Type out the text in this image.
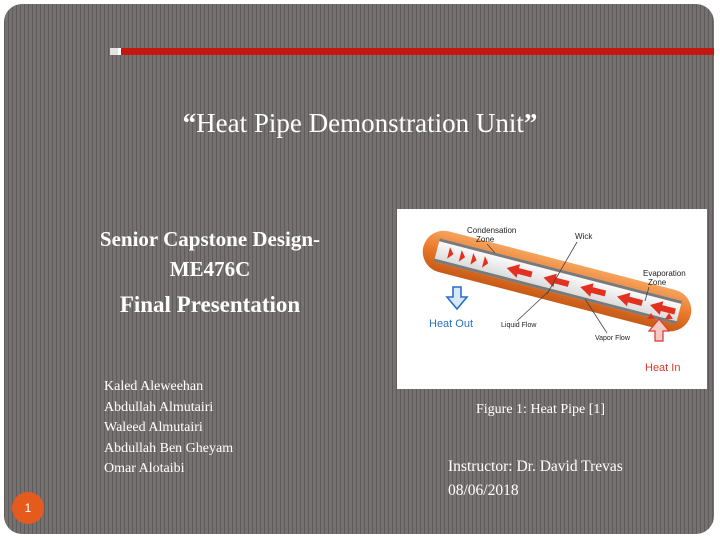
“Heat Pipe Demonstration Unit”
Senior Capstone Design-
ME476C
Final Presentation
Kaled Aleweehan
Abdullah Almutairi
Waleed Almutairi
Abdullah Ben Gheyam
Omar Alotaibi
Condensation
Zone	Wick
Evaporation
Zone
Liquid Flow
Vapor Flow
Heat Out
Heat In
Figure 1: Heat Pipe [1]
Instructor: Dr. David Trevas
08/06/2018
1
